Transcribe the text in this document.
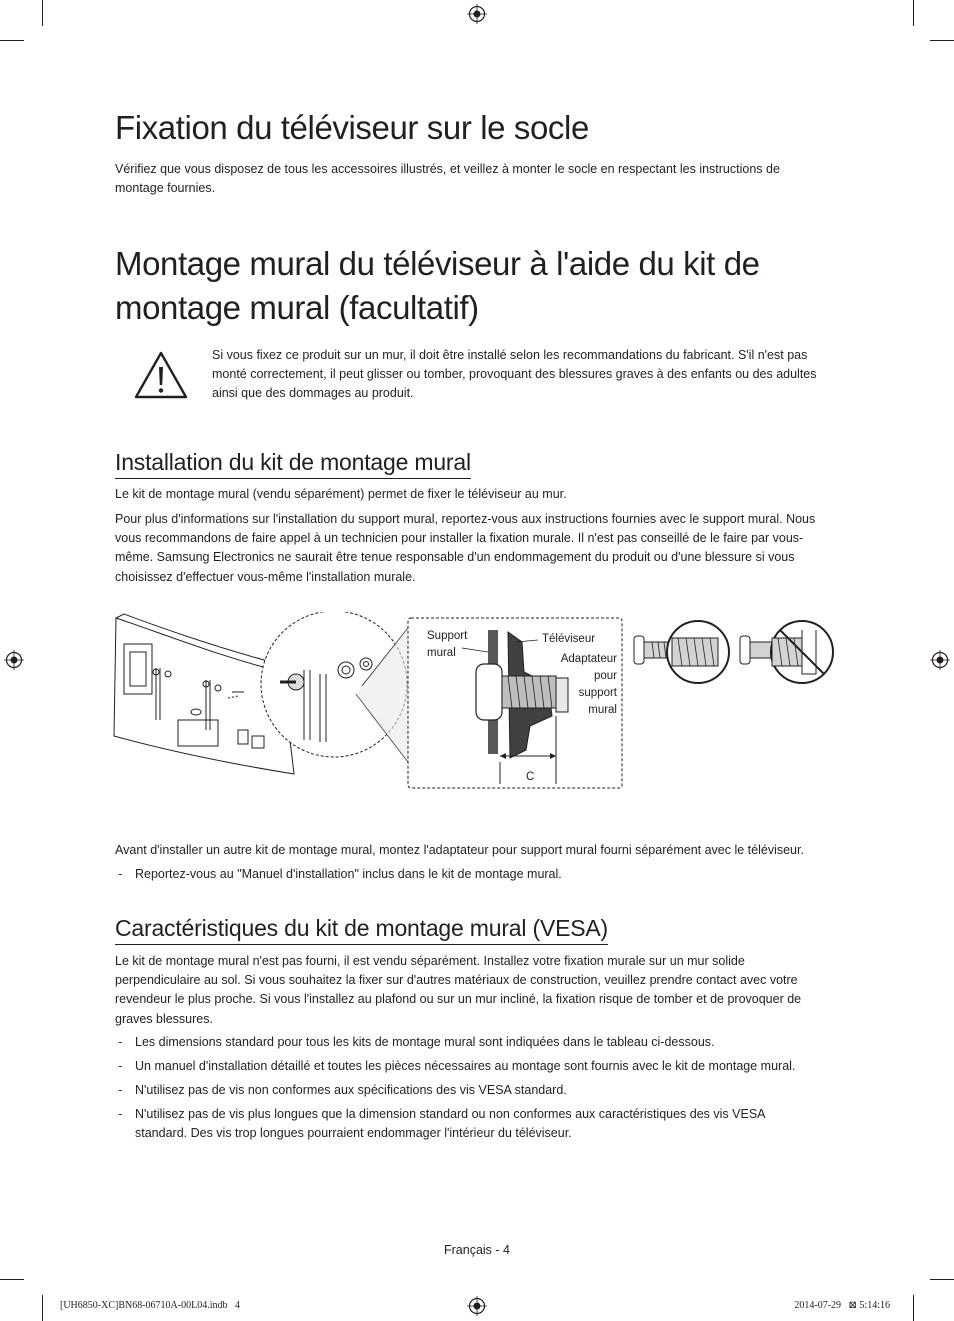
Fixation du téléviseur sur le socle

Vérifiez que vous disposez de tous les accessoires illustrés, et veillez à monter le socle en respectant les instructions de montage fournies.

Montage mural du téléviseur à l'aide du kit de
montage mural (facultatif)

Si vous fixez ce produit sur un mur, il doit être installé selon les recommandations du fabricant. S'il n'est pas monté correctement, il peut glisser ou tomber, provoquant des blessures graves à des enfants ou des adultes ainsi que des dommages au produit.

Installation du kit de montage mural

Le kit de montage mural (vendu séparément) permet de fixer le téléviseur au mur.

Pour plus d'informations sur l'installation du support mural, reportez-vous aux instructions fournies avec le support mural. Nous vous recommandons de faire appel à un technicien pour installer la fixation murale. Il n'est pas conseillé de le faire par vous-même. Samsung Electronics ne saurait être tenue responsable d'un endommagement du produit ou d'une blessure si vous choisissez d'effectuer vous-même l'installation murale.

Support
mural
Téléviseur
Adaptateur
pour
support
mural
C

Avant d'installer un autre kit de montage mural, montez l'adaptateur pour support mural fourni séparément avec le téléviseur.

- Reportez-vous au "Manuel d'installation" inclus dans le kit de montage mural.
Caractéristiques du kit de montage mural (VESA)

Le kit de montage mural n'est pas fourni, il est vendu séparément. Installez votre fixation murale sur un mur solide perpendiculaire au sol. Si vous souhaitez la fixer sur d'autres matériaux de construction, veuillez prendre contact avec votre revendeur le plus proche. Si vous l'installez au plafond ou sur un mur incliné, la fixation risque de tomber et de provoquer de graves blessures.

- Les dimensions standard pour tous les kits de montage mural sont indiquées dans le tableau ci-dessous.
- Un manuel d'installation détaillé et toutes les pièces nécessaires au montage sont fournis avec le kit de montage mural.
- N'utilisez pas de vis non conformes aux spécifications des vis VESA standard.
- N'utilisez pas de vis plus longues que la dimension standard ou non conformes aux caractéristiques des vis VESA standard. Des vis trop longues pourraient endommager l'intérieur du téléviseur.
Français - 4
[UH6850-XC]BN68-06710A-00L04.indb   4	2014-07-29   ⊠ 5:14:16
